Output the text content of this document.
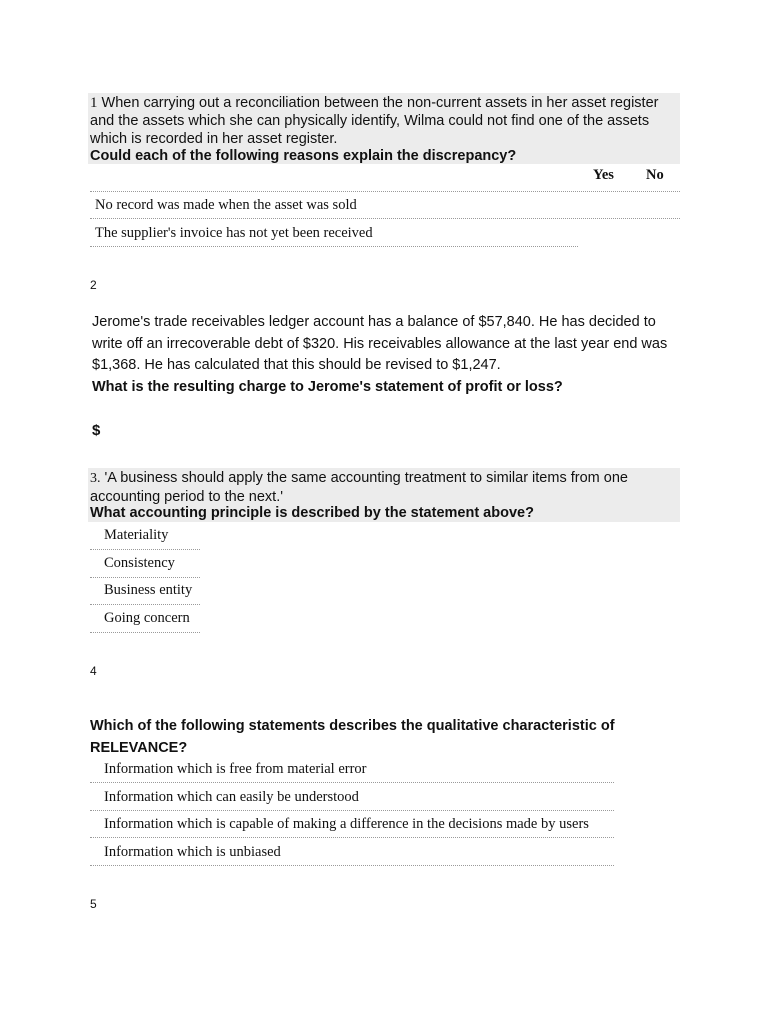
1 When carrying out a reconciliation between the non-current assets in her asset register and the assets which she can physically identify, Wilma could not find one of the assets which is recorded in her asset register.
Could each of the following reasons explain the discrepancy?
Yes No
No record was made when the asset was sold
The supplier's invoice has not yet been received
2
Jerome's trade receivables ledger account has a balance of $57,840. He has decided to write off an irrecoverable debt of $320. His receivables allowance at the last year end was $1,368. He has calculated that this should be revised to $1,247.
What is the resulting charge to Jerome's statement of profit or loss?
$
3. 'A business should apply the same accounting treatment to similar items from one accounting period to the next.'
What accounting principle is described by the statement above?
Materiality
Consistency
Business entity
Going concern
4
Which of the following statements describes the qualitative characteristic of RELEVANCE?
Information which is free from material error
Information which can easily be understood
Information which is capable of making a difference in the decisions made by users
Information which is unbiased
5
